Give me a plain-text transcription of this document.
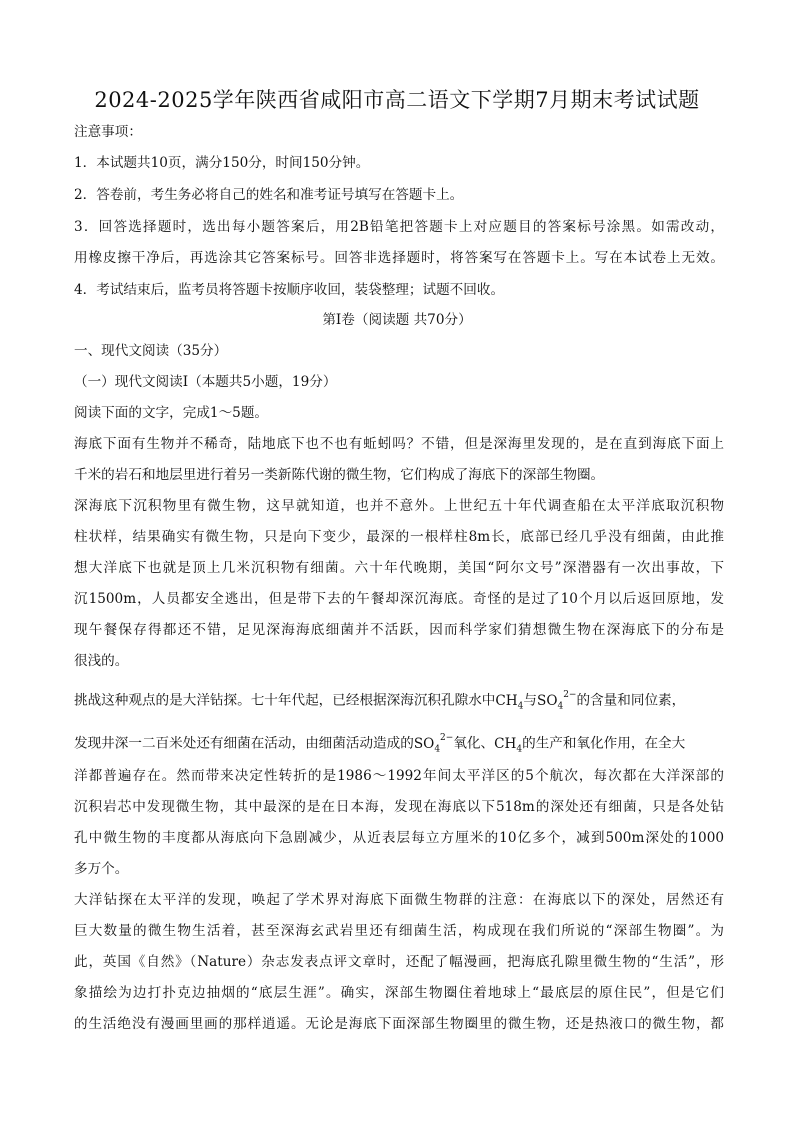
2024-2025学年陕西省咸阳市高二语文下学期7月期末考试试题
注意事项：
1．本试题共10页，满分150分，时间150分钟。
2．答卷前，考生务必将自己的姓名和准考证号填写在答题卡上。
3．回答选择题时，选出每小题答案后，用2B铅笔把答题卡上对应题目的答案标号涂黑。如需改动，
用橡皮擦干净后，再选涂其它答案标号。回答非选择题时，将答案写在答题卡上。写在本试卷上无效。
4．考试结束后，监考员将答题卡按顺序收回，装袋整理；试题不回收。
第Ⅰ卷（阅读题 共70分）
一、现代文阅读（35分）
（一）现代文阅读Ⅰ（本题共5小题，19分）
阅读下面的文字，完成1～5题。
海底下面有生物并不稀奇，陆地底下也不也有蚯蚓吗？不错，但是深海里发现的，是在直到海底下面上
千米的岩石和地层里进行着另一类新陈代谢的微生物，它们构成了海底下的深部生物圈。
深海底下沉积物里有微生物，这早就知道，也并不意外。上世纪五十年代调查船在太平洋底取沉积物
柱状样，结果确实有微生物，只是向下变少，最深的一根样柱8m长，底部已经几乎没有细菌，由此推
想大洋底下也就是顶上几米沉积物有细菌。六十年代晚期，美国“阿尔文号”深潜器有一次出事故，下
沉1500m，人员都安全逃出，但是带下去的午餐却深沉海底。奇怪的是过了10个月以后返回原地，发
现午餐保存得都还不错，足见深海海底细菌并不活跃，因而科学家们猜想微生物在深海底下的分布是
很浅的。
挑战这种观点的是大洋钻探。七十年代起，已经根据深海沉积孔隙水中$CH_4$与$SO_4^{2-}$的含量和同位素，
发现井深一二百米处还有细菌在活动，由细菌活动造成的$SO_4^{2-}$氧化、$CH_4$的生产和氧化作用，在全大
洋都普遍存在。然而带来决定性转折的是1986～1992年间太平洋区的5个航次，每次都在大洋深部的
沉积岩芯中发现微生物，其中最深的是在日本海，发现在海底以下518m的深处还有细菌，只是各处钻
孔中微生物的丰度都从海底向下急剧减少，从近表层每立方厘米的10亿多个，减到500m深处的1000
多万个。
大洋钻探在太平洋的发现，唤起了学术界对海底下面微生物群的注意：在海底以下的深处，居然还有
巨大数量的微生物生活着，甚至深海玄武岩里还有细菌生活，构成现在我们所说的“深部生物圈”。为
此，英国《自然》（Nature）杂志发表点评文章时，还配了幅漫画，把海底孔隙里微生物的“生活”，形
象描绘为边打扑克边抽烟的“底层生涯”。确实，深部生物圈住着地球上“最底层的原住民”，但是它们
的生活绝没有漫画里画的那样逍遥。无论是海底下面深部生物圈里的微生物，还是热液口的微生物，都
